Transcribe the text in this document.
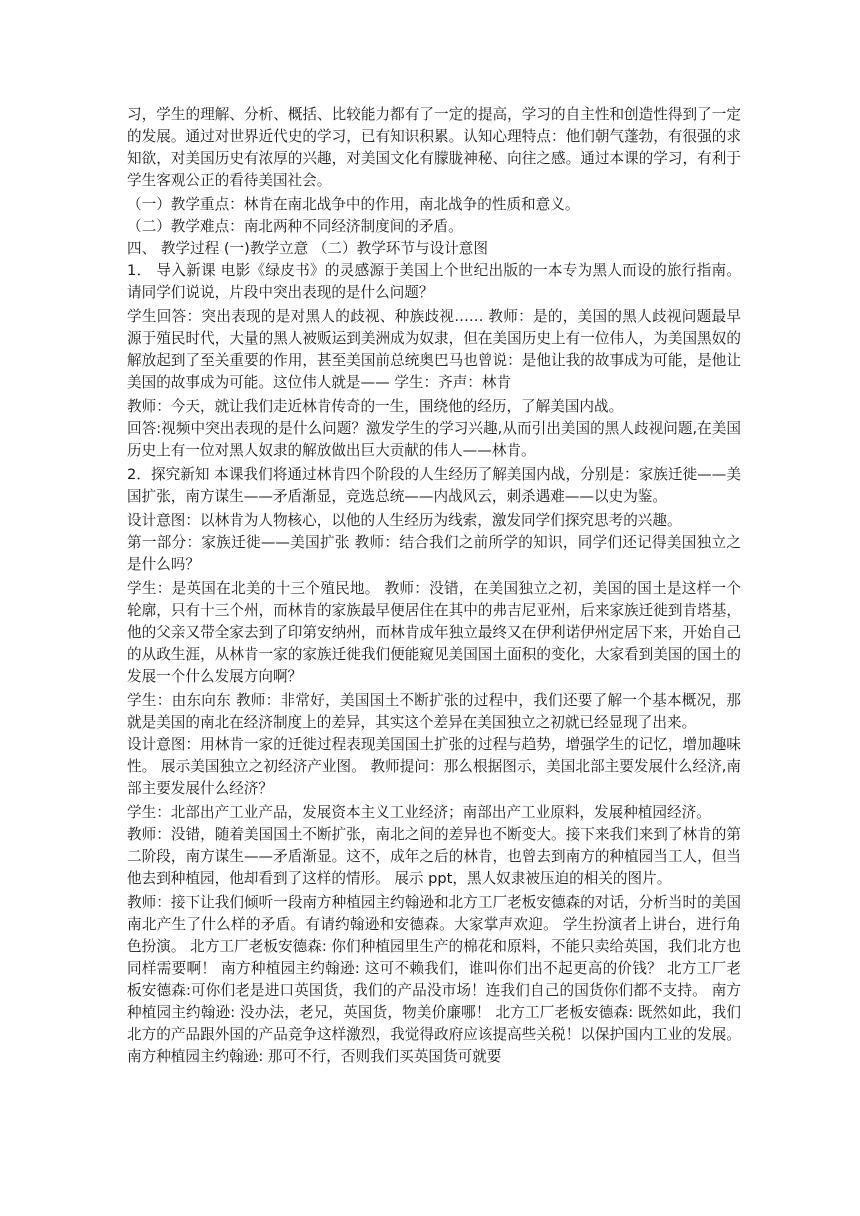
习，学生的理解、分析、概括、比较能力都有了一定的提高，学习的自主性和创造性得到了一定的发展。通过对世界近代史的学习，已有知识积累。认知心理特点：他们朝气蓬勃，有很强的求知欲，对美国历史有浓厚的兴趣，对美国文化有朦胧神秘、向往之感。通过本课的学习，有利于学生客观公正的看待美国社会。

（一）教学重点：林肯在南北战争中的作用，南北战争的性质和意义。

（二）教学难点：南北两种不同经济制度间的矛盾。

四、 教学过程 (一)教学立意 （二）教学环节与设计意图

1． 导入新课 电影《绿皮书》的灵感源于美国上个世纪出版的一本专为黑人而设的旅行指南。请同学们说说，片段中突出表现的是什么问题？

学生回答：突出表现的是对黑人的歧视、种族歧视…… 教师：是的，美国的黑人歧视问题最早源于殖民时代，大量的黑人被贩运到美洲成为奴隶，但在美国历史上有一位伟人，为美国黑奴的解放起到了至关重要的作用，甚至美国前总统奥巴马也曾说：是他让我的故事成为可能，是他让美国的故事成为可能。这位伟人就是—— 学生：齐声：林肯

教师：今天，就让我们走近林肯传奇的一生，围绕他的经历，了解美国内战。

回答:视频中突出表现的是什么问题？激发学生的学习兴趣,从而引出美国的黑人歧视问题,在美国历史上有一位对黑人奴隶的解放做出巨大贡献的伟人——林肯。

2．探究新知 本课我们将通过林肯四个阶段的人生经历了解美国内战，分别是：家族迁徙——美国扩张，南方谋生——矛盾渐显，竞选总统——内战风云，刺杀遇难——以史为鉴。

设计意图：以林肯为人物核心，以他的人生经历为线索，激发同学们探究思考的兴趣。

第一部分：家族迁徙——美国扩张 教师：结合我们之前所学的知识，同学们还记得美国独立之是什么吗？

学生：是英国在北美的十三个殖民地。 教师：没错，在美国独立之初，美国的国土是这样一个轮廓，只有十三个州，而林肯的家族最早便居住在其中的弗吉尼亚州，后来家族迁徙到肯塔基，他的父亲又带全家去到了印第安纳州，而林肯成年独立最终又在伊利诺伊州定居下来，开始自己的从政生涯，从林肯一家的家族迁徙我们便能窥见美国国土面积的变化，大家看到美国的国土的发展一个什么发展方向啊？

学生：由东向东 教师：非常好，美国国土不断扩张的过程中，我们还要了解一个基本概况，那就是美国的南北在经济制度上的差异，其实这个差异在美国独立之初就已经显现了出来。

设计意图：用林肯一家的迁徙过程表现美国国土扩张的过程与趋势，增强学生的记忆，增加趣味性。 展示美国独立之初经济产业图。 教师提问：那么根据图示，美国北部主要发展什么经济,南部主要发展什么经济？

学生：北部出产工业产品，发展资本主义工业经济；南部出产工业原料，发展种植园经济。

教师：没错，随着美国国土不断扩张，南北之间的差异也不断变大。接下来我们来到了林肯的第二阶段，南方谋生——矛盾渐显。这不，成年之后的林肯，也曾去到南方的种植园当工人，但当他去到种植园，他却看到了这样的情形。 展示 ppt，黑人奴隶被压迫的相关的图片。

教师：接下让我们倾听一段南方种植园主约翰逊和北方工厂老板安德森的对话，分析当时的美国南北产生了什么样的矛盾。有请约翰逊和安德森。大家掌声欢迎。 学生扮演者上讲台，进行角色扮演。 北方工厂老板安德森: 你们种植园里生产的棉花和原料，不能只卖给英国，我们北方也同样需要啊！ 南方种植园主约翰逊: 这可不赖我们，谁叫你们出不起更高的价钱？ 北方工厂老板安德森:可你们老是进口英国货，我们的产品没市场！连我们自己的国货你们都不支持。 南方种植园主约翰逊: 没办法，老兄，英国货，物美价廉哪！ 北方工厂老板安德森: 既然如此，我们北方的产品跟外国的产品竞争这样激烈，我觉得政府应该提高些关税！以保护国内工业的发展。南方种植园主约翰逊: 那可不行，否则我们买英国货可就要
